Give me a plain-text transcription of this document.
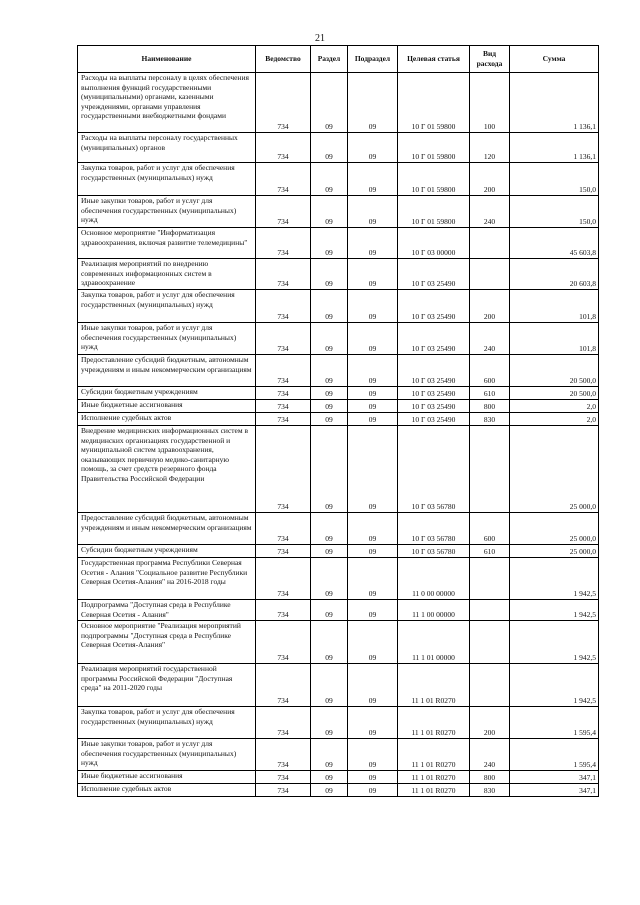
21
Наименование	Ведомство	Раздел	Подраздел	Целевая статья	Вид расхода	Сумма

Расходы на выплаты персоналу в целях обеспечения выполнения функций государственными (муниципальными) органами, казенными учреждениями, органами управления государственными внебюджетными фондами	734	09	09	10 Г 01 59800	100	1 136,1

Расходы на выплаты персоналу государственных (муниципальных) органов	734	09	09	10 Г 01 59800	120	1 136,1

Закупка товаров, работ и услуг для обеспечения государственных (муниципальных) нужд	734	09	09	10 Г 01 59800	200	150,0

Иные закупки товаров, работ и услуг для обеспечения государственных (муниципальных) нужд	734	09	09	10 Г 01 59800	240	150,0

Основное мероприятие "Информатизация здравоохранения, включая развитие телемедицины"	734	09	09	10 Г 03 00000		45 603,8

Реализация мероприятий по внедрению современных информационных систем в здравоохранение	734	09	09	10 Г 03 25490		20 603,8

Закупка товаров, работ и услуг для обеспечения государственных (муниципальных) нужд	734	09	09	10 Г 03 25490	200	101,8

Иные закупки товаров, работ и услуг для обеспечения государственных (муниципальных) нужд	734	09	09	10 Г 03 25490	240	101,8

Предоставление субсидий бюджетным, автономным учреждениям и иным некоммерческим организациям	734	09	09	10 Г 03 25490	600	20 500,0

Субсидии бюджетным учреждениям	734	09	09	10 Г 03 25490	610	20 500,0

Иные бюджетные ассигнования	734	09	09	10 Г 03 25490	800	2,0

Исполнение судебных актов	734	09	09	10 Г 03 25490	830	2,0

Внедрение медицинских информационных систем в медицинских организациях государственной и муниципальной систем здравоохранения, оказывающих первичную медико-санитарную помощь, за счет средств резервного фонда Правительства Российской Федерации	734	09	09	10 Г 03 56780		25 000,0

Предоставление субсидий бюджетным, автономным учреждениям и иным некоммерческим организациям	734	09	09	10 Г 03 56780	600	25 000,0

Субсидии бюджетным учреждениям	734	09	09	10 Г 03 56780	610	25 000,0

Государственная программа Республики Северная Осетия - Алания "Социальное развитие Республики Северная Осетия-Алания" на 2016-2018 годы	734	09	09	11 0 00 00000		1 942,5

Подпрограмма "Доступная среда в Республике Северная Осетия - Алания"	734	09	09	11 1 00 00000		1 942,5

Основное мероприятие "Реализация мероприятий подпрограммы "Доступная среда в Республике Северная Осетия-Алания"	734	09	09	11 1 01 00000		1 942,5

Реализация мероприятий государственной программы Российской Федерации "Доступная среда" на 2011-2020 годы	734	09	09	11 1 01 R0270		1 942,5

Закупка товаров, работ и услуг для обеспечения государственных (муниципальных) нужд	734	09	09	11 1 01 R0270	200	1 595,4

Иные закупки товаров, работ и услуг для обеспечения государственных (муниципальных) нужд	734	09	09	11 1 01 R0270	240	1 595,4

Иные бюджетные ассигнования	734	09	09	11 1 01 R0270	800	347,1

Исполнение судебных актов	734	09	09	11 1 01 R0270	830	347,1
